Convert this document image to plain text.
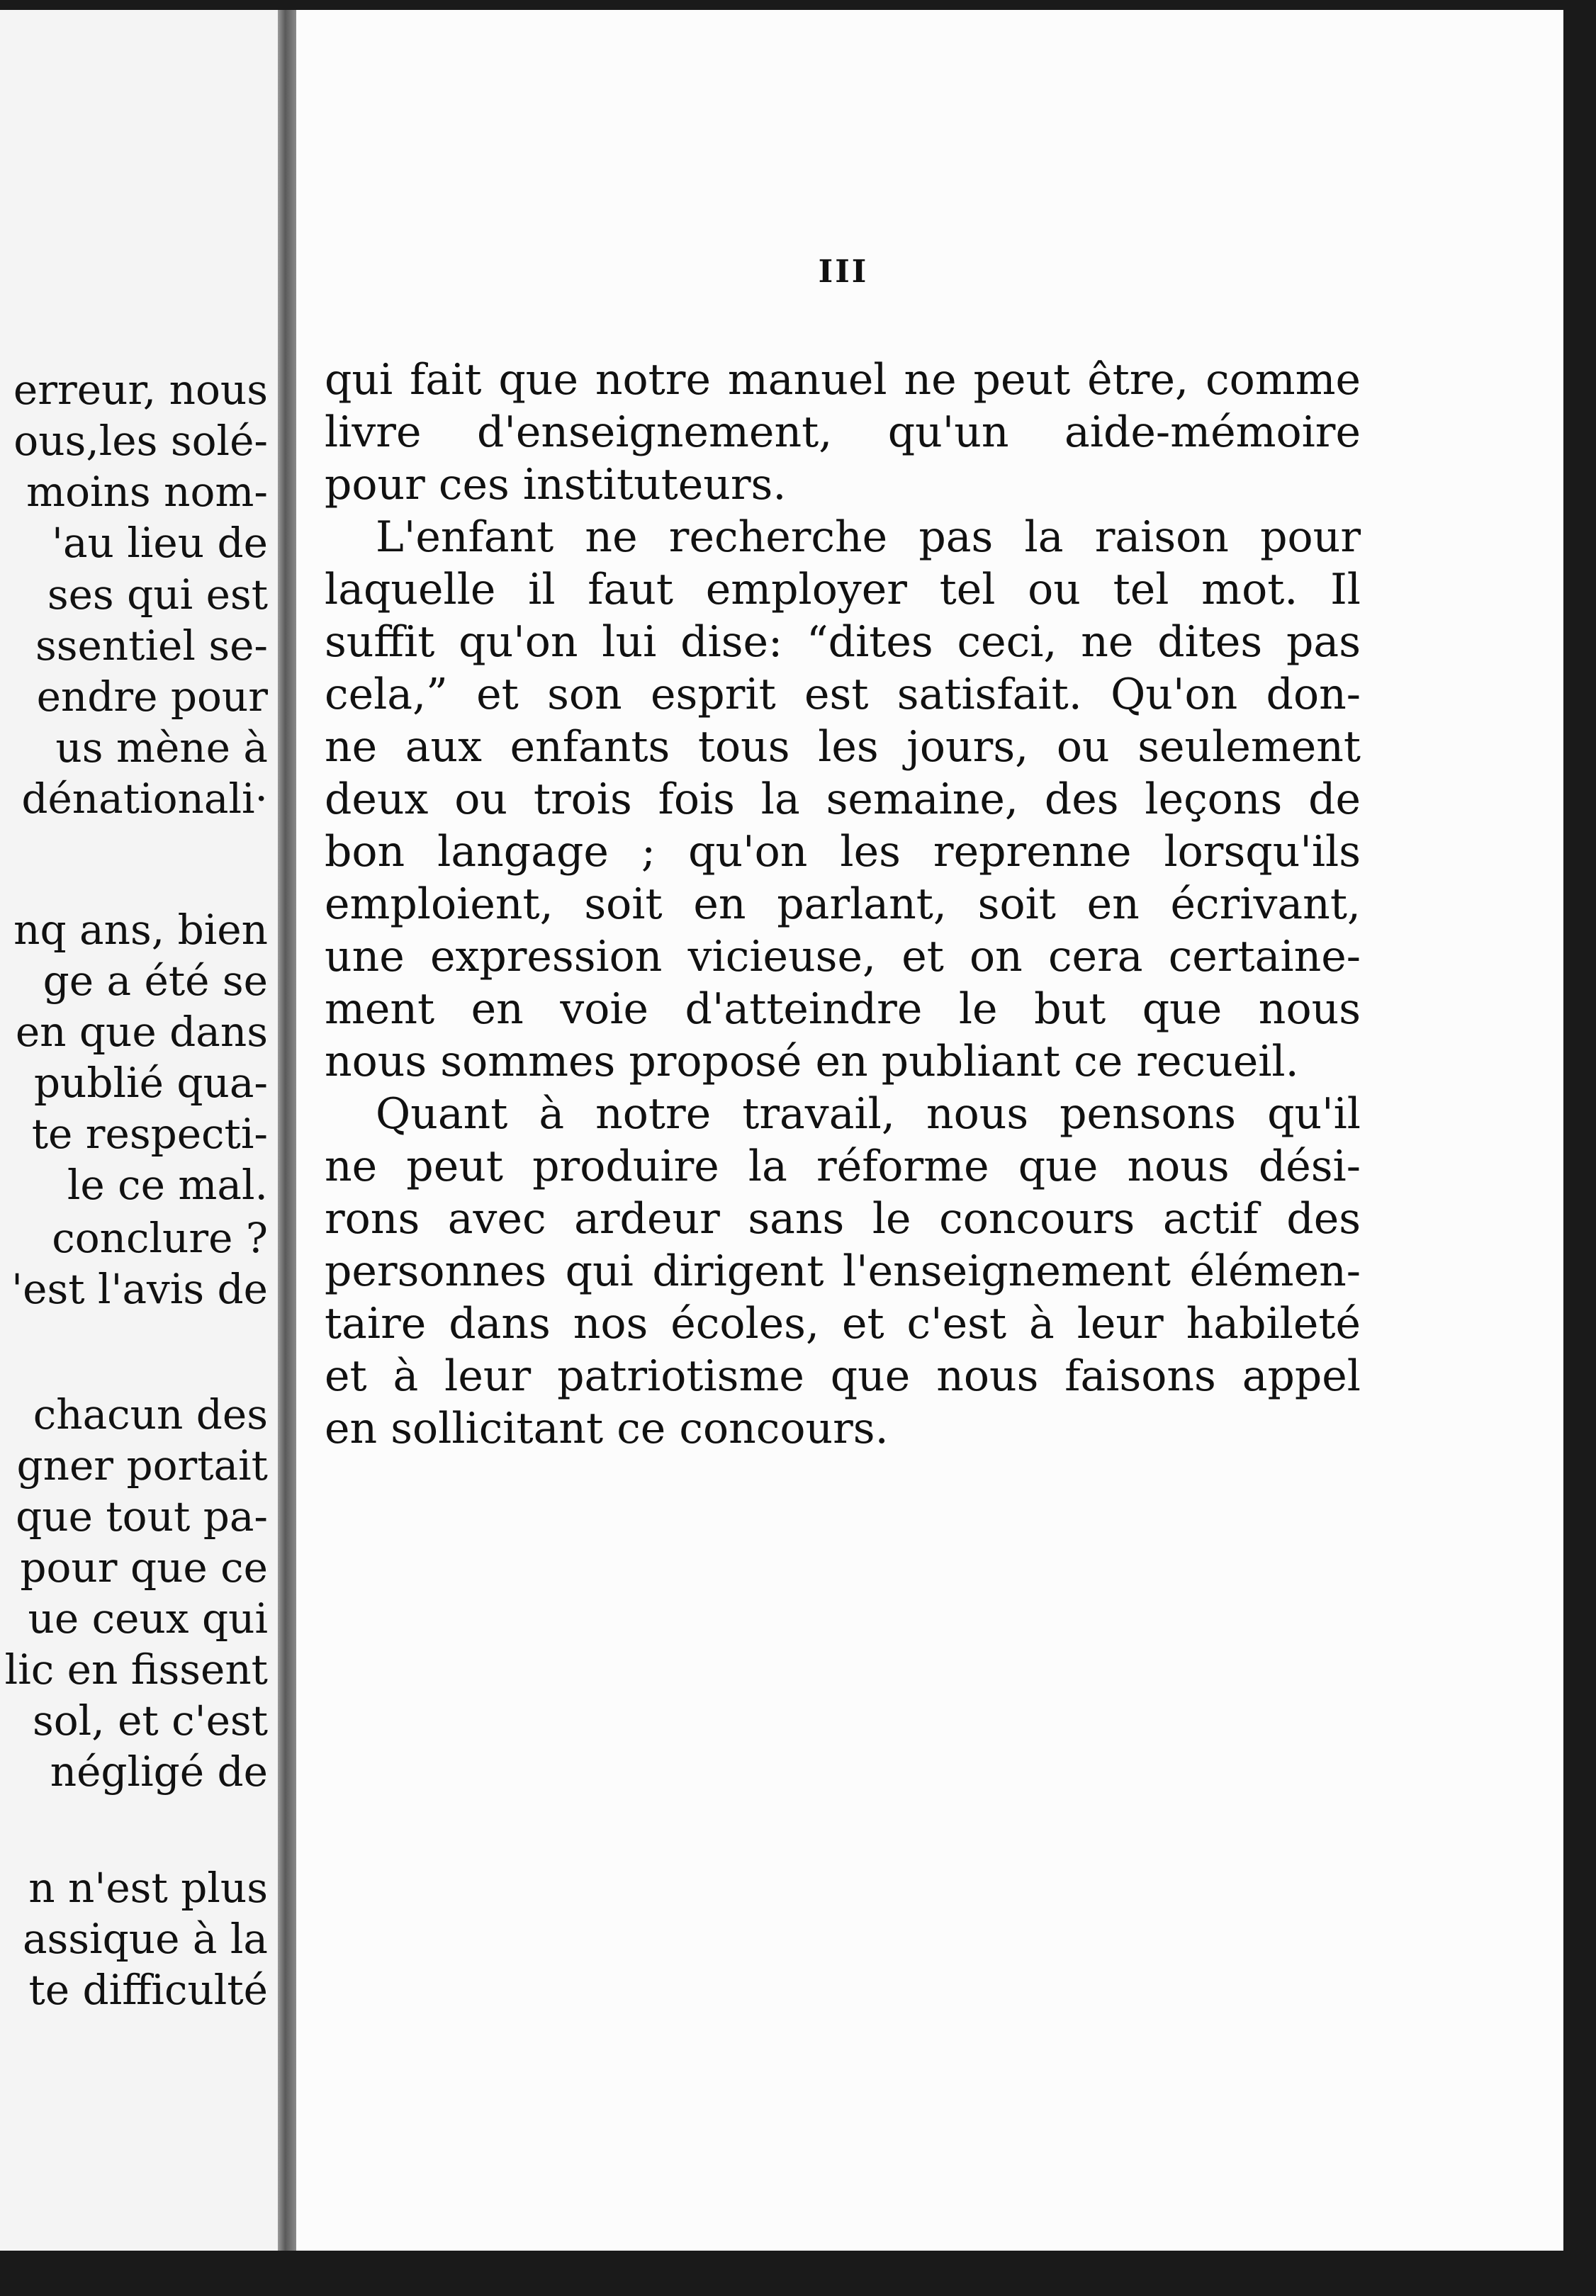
erreur, nous
ous,les solé-
moins nom-
'au lieu de
ses qui est
ssentiel se-
endre pour
us mène à
dénationali·
nq ans, bien
ge a été se
en que dans
publié qua-
te respecti-
le ce mal.
conclure ?
'est l'avis de
chacun des
gner portait
que tout pa-
pour que ce
ue ceux qui
lic en fissent
sol, et c'est
négligé de
n n'est plus
assique à la
te difficulté
III
qui fait que notre manuel ne peut être, comme
livre d'enseignement, qu'un aide-mémoire
pour ces instituteurs.
L'enfant ne recherche pas la raison pour
laquelle il faut employer tel ou tel mot. Il
suffit qu'on lui dise: “dites ceci, ne dites pas
cela,” et son esprit est satisfait. Qu'on don-
ne aux enfants tous les jours, ou seulement
deux ou trois fois la semaine, des leçons de
bon langage ; qu'on les reprenne lorsqu'ils
emploient, soit en parlant, soit en écrivant,
une expression vicieuse, et on cera certaine-
ment en voie d'atteindre le but que nous
nous sommes proposé en publiant ce recueil.
Quant à notre travail, nous pensons qu'il
ne peut produire la réforme que nous dési-
rons avec ardeur sans le concours actif des
personnes qui dirigent l'enseignement élémen-
taire dans nos écoles, et c'est à leur habileté
et à leur patriotisme que nous faisons appel
en sollicitant ce concours.
